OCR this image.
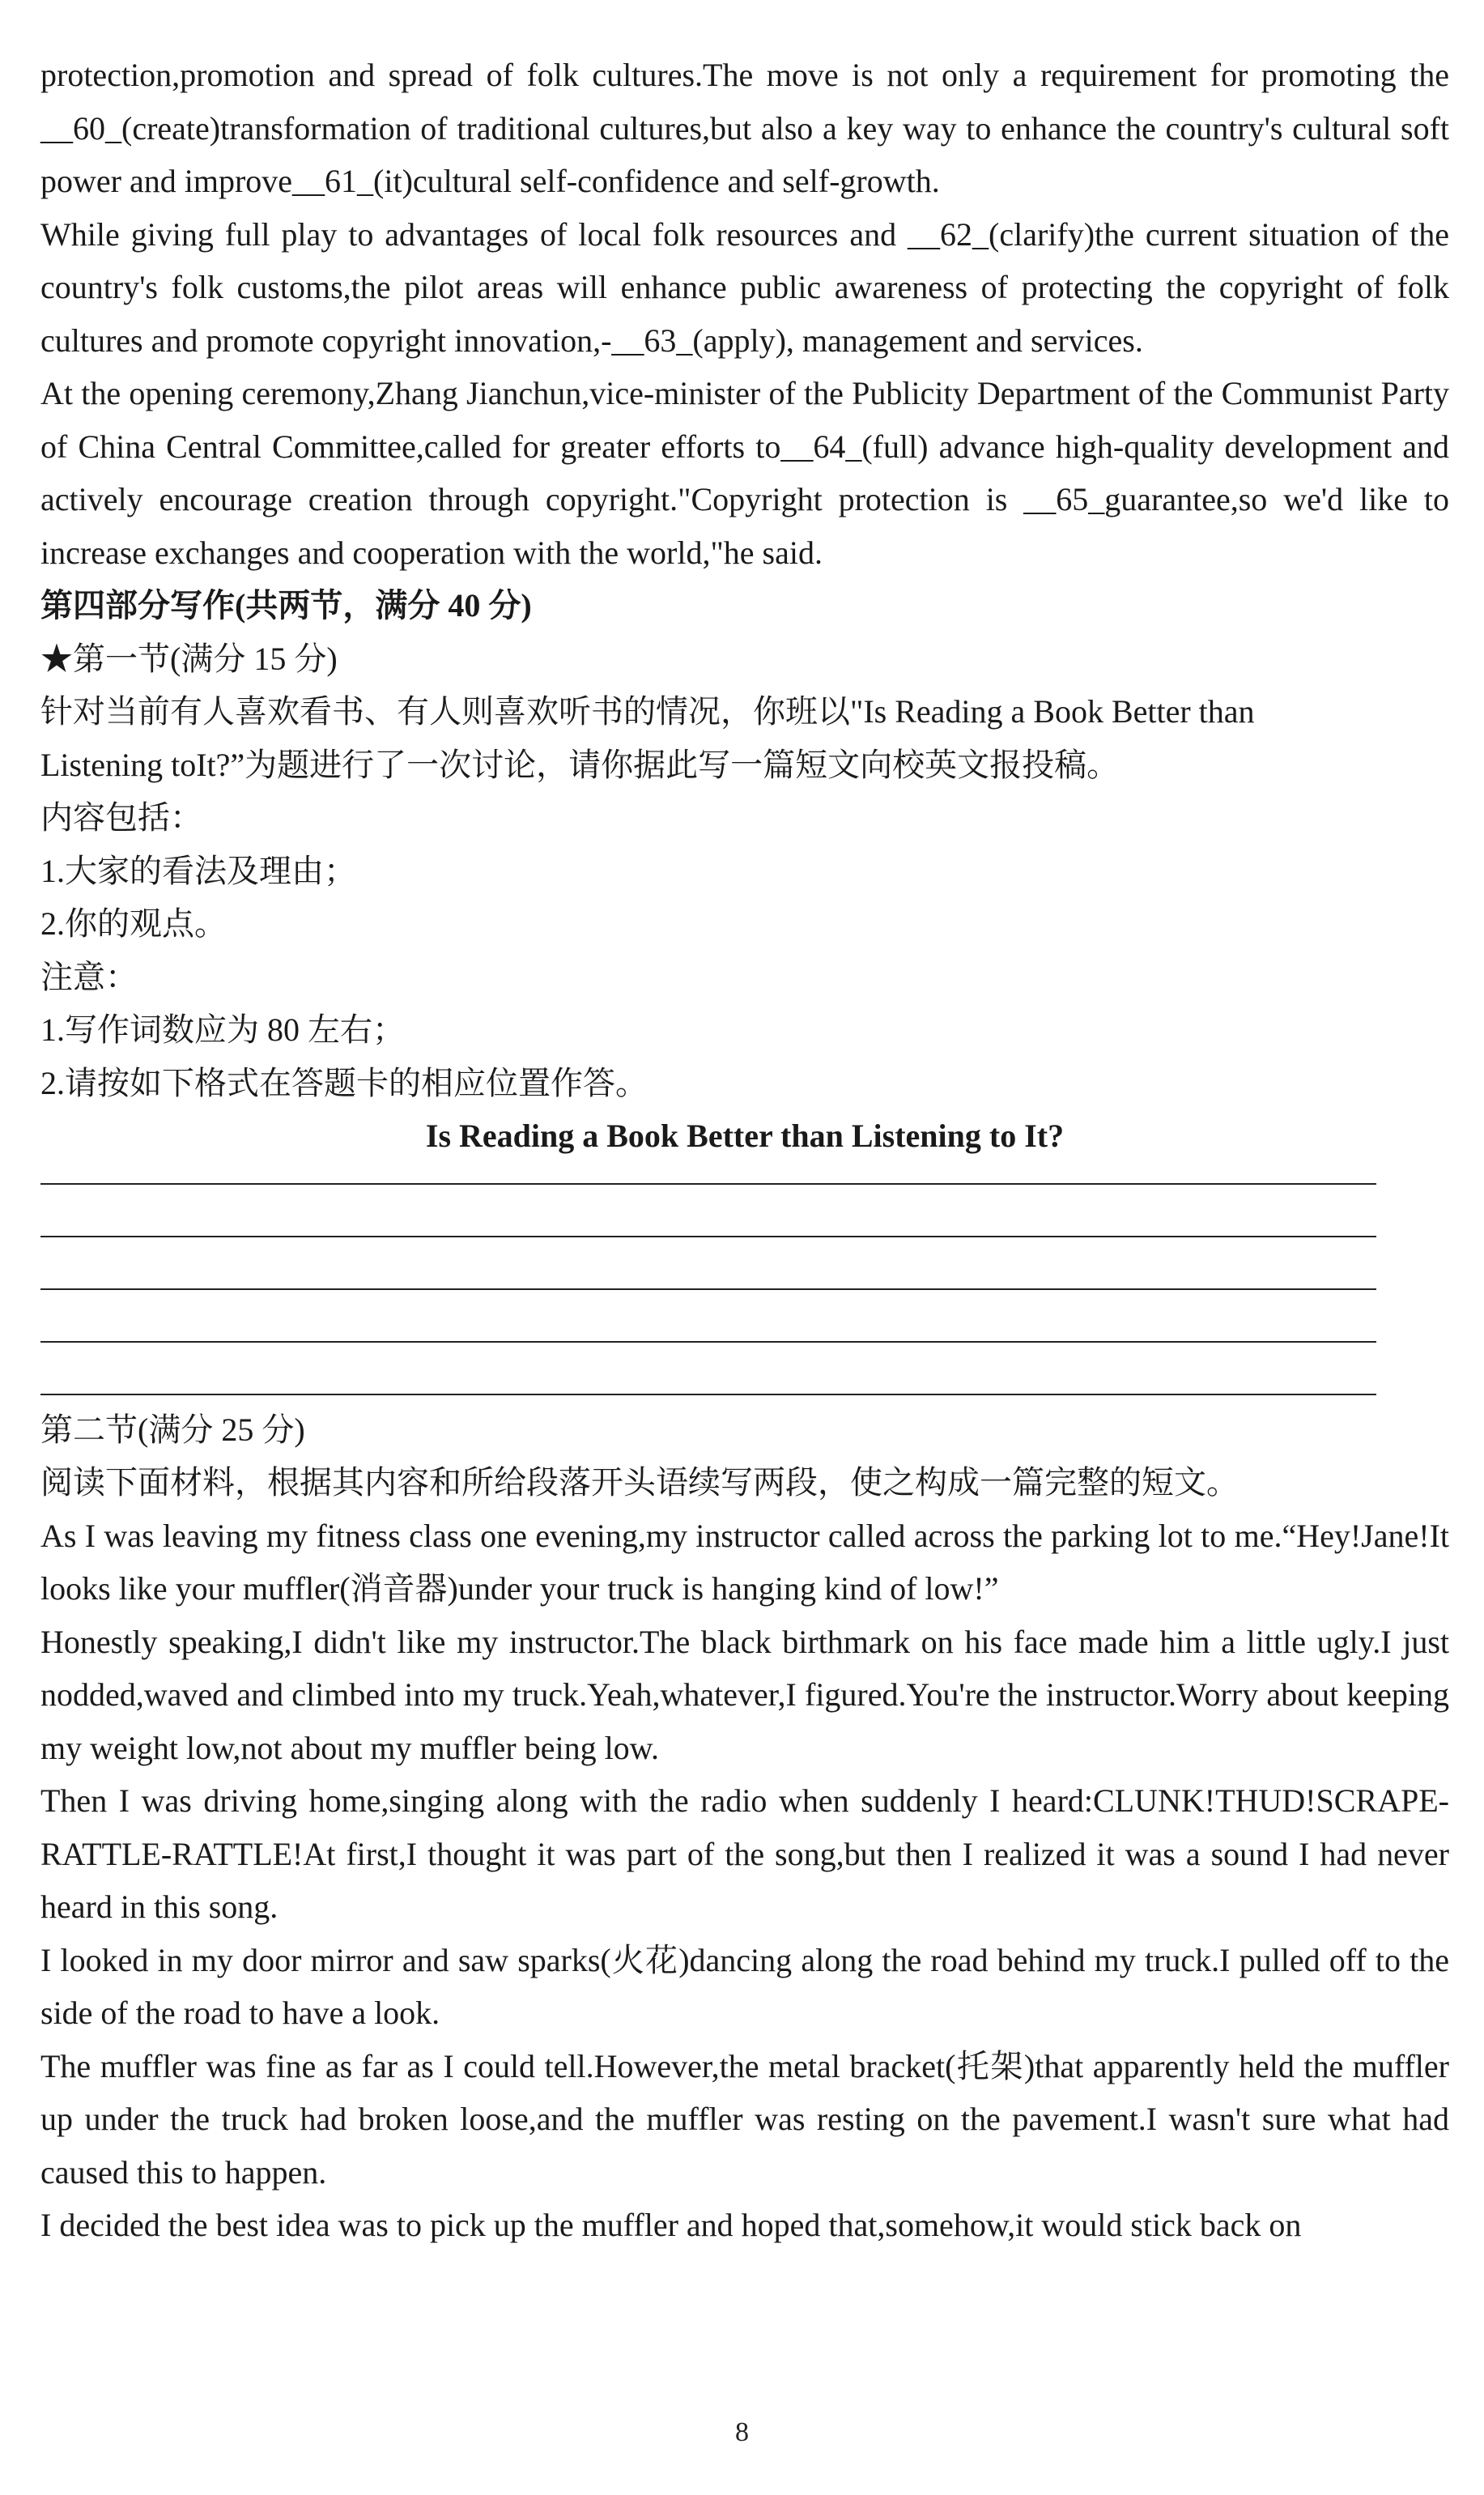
protection,promotion and spread of folk cultures.The move is not only a requirement for promoting the __60_(create)transformation of traditional cultures,but also a key way to enhance the country's cultural soft power and improve__61_(it)cultural self-confidence and self-growth.

While giving full play to advantages of local folk resources and __62_(clarify)the current situation of the country's folk customs,the pilot areas will enhance public awareness of protecting the copyright of folk cultures and promote copyright innovation,-__63_(apply), management and services.

At the opening ceremony,Zhang Jianchun,vice-minister of the Publicity Department of the Communist Party of China Central Committee,called for greater efforts to__64_(full) advance high-quality development and actively encourage creation through copyright."Copyright protection is __65_guarantee,so we'd like to increase exchanges and cooperation with the world,"he said.

第四部分写作(共两节，满分 40 分)

★第一节(满分 15 分)

针对当前有人喜欢看书、有人则喜欢听书的情况，你班以"Is Reading a Book Better than Listening toIt?”为题进行了一次讨论，请你据此写一篇短文向校英文报投稿。

内容包括：

1.大家的看法及理由；

2.你的观点。

注意：

1.写作词数应为 80 左右；

2.请按如下格式在答题卡的相应位置作答。

Is Reading a Book Better than Listening to It?

第二节(满分 25 分)

阅读下面材料，根据其内容和所给段落开头语续写两段，使之构成一篇完整的短文。

As I was leaving my fitness class one evening,my instructor called across the parking lot to me.“Hey!Jane!It looks like your muffler(消音器)under your truck is hanging kind of low!”

Honestly speaking,I didn't like my instructor.The black birthmark on his face made him a little ugly.I just nodded,waved and climbed into my truck.Yeah,whatever,I figured.You're the instructor.Worry about keeping my weight low,not about my muffler being low.

Then I was driving home,singing along with the radio when suddenly I heard:CLUNK!THUD!SCRAPE-RATTLE-RATTLE!At first,I thought it was part of the song,but then I realized it was a sound I had never heard in this song.

I looked in my door mirror and saw sparks(火花)dancing along the road behind my truck.I pulled off to the side of the road to have a look.

The muffler was fine as far as I could tell.However,the metal bracket(托架)that apparently held the muffler up under the truck had broken loose,and the muffler was resting on the pavement.I wasn't sure what had caused this to happen.

I decided the best idea was to pick up the muffler and hoped that,somehow,it would stick back on

8
